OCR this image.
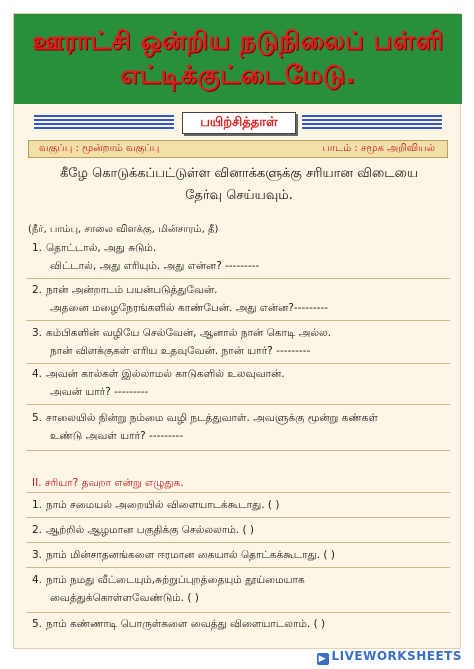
ஊராட்சி ஒன்றிய நடுநிலைப் பள்ளி
எட்டிக்குட்டைமேடு.
பயிற்சித்தாள்
வகுப்பு : மூன்றாம் வகுப்பு	பாடம் : சமூக அறிவியல்
கீழே கொடுக்கப்பட்டுள்ள வினாக்களுக்கு சரியான விடையை
தேர்வு செய்யவும்.
(நீர், பாம்பு, சாலை விளக்கு, மின்சாரம், தீ)
1. தொட்டால், அது சுடும்.
விட்டால், அது எரியும். அது என்ன? ---------
2. நான் அன்றாடம் பயன்படுத்துவேன்.
அதனை மழைநேரங்களில் காண்பேன். அது என்ன?---------
3. கம்பிகளின் வழியே செல்வேன், ஆனால் நான் கொடி அல்ல.
நான் விளக்குகள் எரிய உதவுவேன். நான் யார்? ---------
4. அவன் கால்கள் இல்லாமல் காடுகளில் உலவுவான்.
அவன் யார்? ---------
5. சாலையில் நின்று நம்மை வழி நடத்துவாள். அவளுக்கு மூன்று கண்கள்
உண்டு அவள் யார்? ---------
II. சரியா? தவறா என்று எழுதுக.
1. நாம் சமையல் அறையில் விளையாடக்கூடாது. ( )
2. ஆற்றில் ஆழமான பகுதிக்கு செல்லலாம். ( )
3. நாம் மின்சாதனங்களை ஈரமான கையால் தொட்கக்கூடாது. ( )
4. நாம் நமது வீட்டையும்,சுற்றுப்புறத்தையும் தூய்மையாக
வைத்துக்கொள்ளவேண்டும். ( )
5. நாம் கண்ணாடி பொருள்களை வைத்து விளையாடலாம். ( )
▶ LIVEWORKSHEETS
